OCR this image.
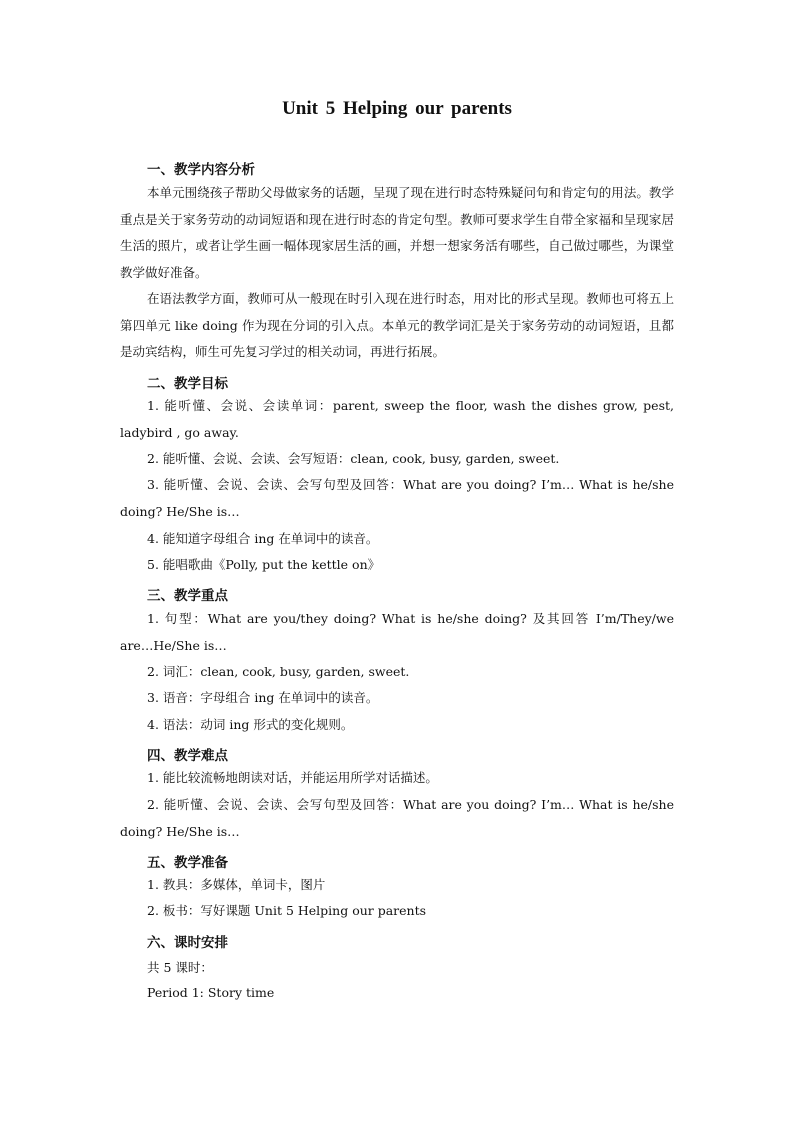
Unit 5 Helping our parents
一、教学内容分析

本单元围绕孩子帮助父母做家务的话题，呈现了现在进行时态特殊疑问句和肯定句的用法。教学重点是关于家务劳动的动词短语和现在进行时态的肯定句型。教师可要求学生自带全家福和呈现家居生活的照片，或者让学生画一幅体现家居生活的画，并想一想家务活有哪些，自己做过哪些，为课堂教学做好准备。

在语法教学方面，教师可从一般现在时引入现在进行时态，用对比的形式呈现。教师也可将五上第四单元 like doing 作为现在分词的引入点。本单元的教学词汇是关于家务劳动的动词短语，且都是动宾结构，师生可先复习学过的相关动词，再进行拓展。

二、教学目标

1. 能听懂、会说、会读单词：parent, sweep the floor, wash the dishes grow, pest, ladybird , go away.

2. 能听懂、会说、会读、会写短语：clean, cook, busy, garden, sweet.

3. 能听懂、会说、会读、会写句型及回答：What are you doing? I’m… What is he/she doing? He/She is…

4. 能知道字母组合 ing 在单词中的读音。

5. 能唱歌曲《Polly, put the kettle on》

三、教学重点

1. 句型：What are you/they doing? What is he/she doing? 及其回答 I’m/They/we are…He/She is…

2. 词汇：clean, cook, busy, garden, sweet.

3. 语音：字母组合 ing 在单词中的读音。

4. 语法：动词 ing 形式的变化规则。

四、教学难点

1. 能比较流畅地朗读对话，并能运用所学对话描述。

2. 能听懂、会说、会读、会写句型及回答：What are you doing? I’m… What is he/she doing? He/She is…

五、教学准备

1. 教具：多媒体，单词卡，图片

2. 板书：写好课题 Unit 5 Helping our parents

六、课时安排
共 5 课时：
Period 1: Story time
